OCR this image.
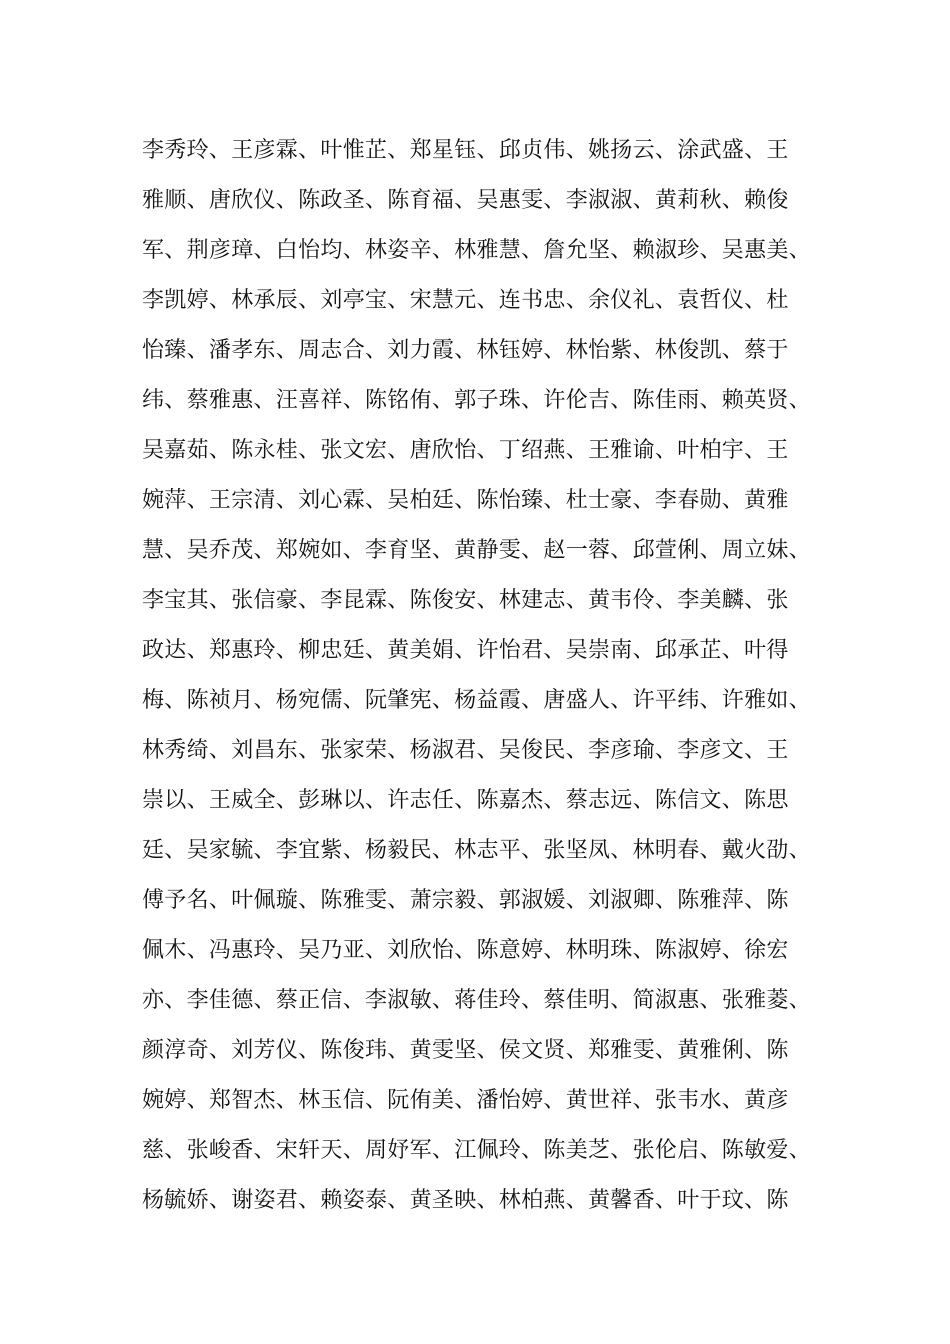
李秀玲、王彦霖、叶惟芷、郑星钰、邱贞伟、姚扬云、涂武盛、王
雅顺、唐欣仪、陈政圣、陈育福、吴惠雯、李淑淑、黄莉秋、赖俊
军、荆彦璋、白怡均、林姿辛、林雅慧、詹允坚、赖淑珍、吴惠美、
李凯婷、林承辰、刘亭宝、宋慧元、连书忠、余仪礼、袁哲仪、杜
怡臻、潘孝东、周志合、刘力霞、林钰婷、林怡紫、林俊凯、蔡于
纬、蔡雅惠、汪喜祥、陈铭侑、郭子珠、许伦吉、陈佳雨、赖英贤、
吴嘉茹、陈永桂、张文宏、唐欣怡、丁绍燕、王雅谕、叶柏宇、王
婉萍、王宗清、刘心霖、吴柏廷、陈怡臻、杜士豪、李春勋、黄雅
慧、吴乔茂、郑婉如、李育坚、黄静雯、赵一蓉、邱萱俐、周立妹、
李宝其、张信豪、李昆霖、陈俊安、林建志、黄韦伶、李美麟、张
政达、郑惠玲、柳忠廷、黄美娟、许怡君、吴崇南、邱承芷、叶得
梅、陈祯月、杨宛儒、阮肇宪、杨益霞、唐盛人、许平纬、许雅如、
林秀绮、刘昌东、张家荣、杨淑君、吴俊民、李彦瑜、李彦文、王
崇以、王威全、彭琳以、许志任、陈嘉杰、蔡志远、陈信文、陈思
廷、吴家毓、李宜紫、杨毅民、林志平、张坚凤、林明春、戴火劭、
傅予名、叶佩璇、陈雅雯、萧宗毅、郭淑媛、刘淑卿、陈雅萍、陈
佩木、冯惠玲、吴乃亚、刘欣怡、陈意婷、林明珠、陈淑婷、徐宏
亦、李佳德、蔡正信、李淑敏、蒋佳玲、蔡佳明、简淑惠、张雅菱、
颜淳奇、刘芳仪、陈俊玮、黄雯坚、侯文贤、郑雅雯、黄雅俐、陈
婉婷、郑智杰、林玉信、阮侑美、潘怡婷、黄世祥、张韦水、黄彦
慈、张峻香、宋轩天、周妤军、江佩玲、陈美芝、张伦启、陈敏爱、
杨毓娇、谢姿君、赖姿泰、黄圣映、林柏燕、黄馨香、叶于玟、陈
